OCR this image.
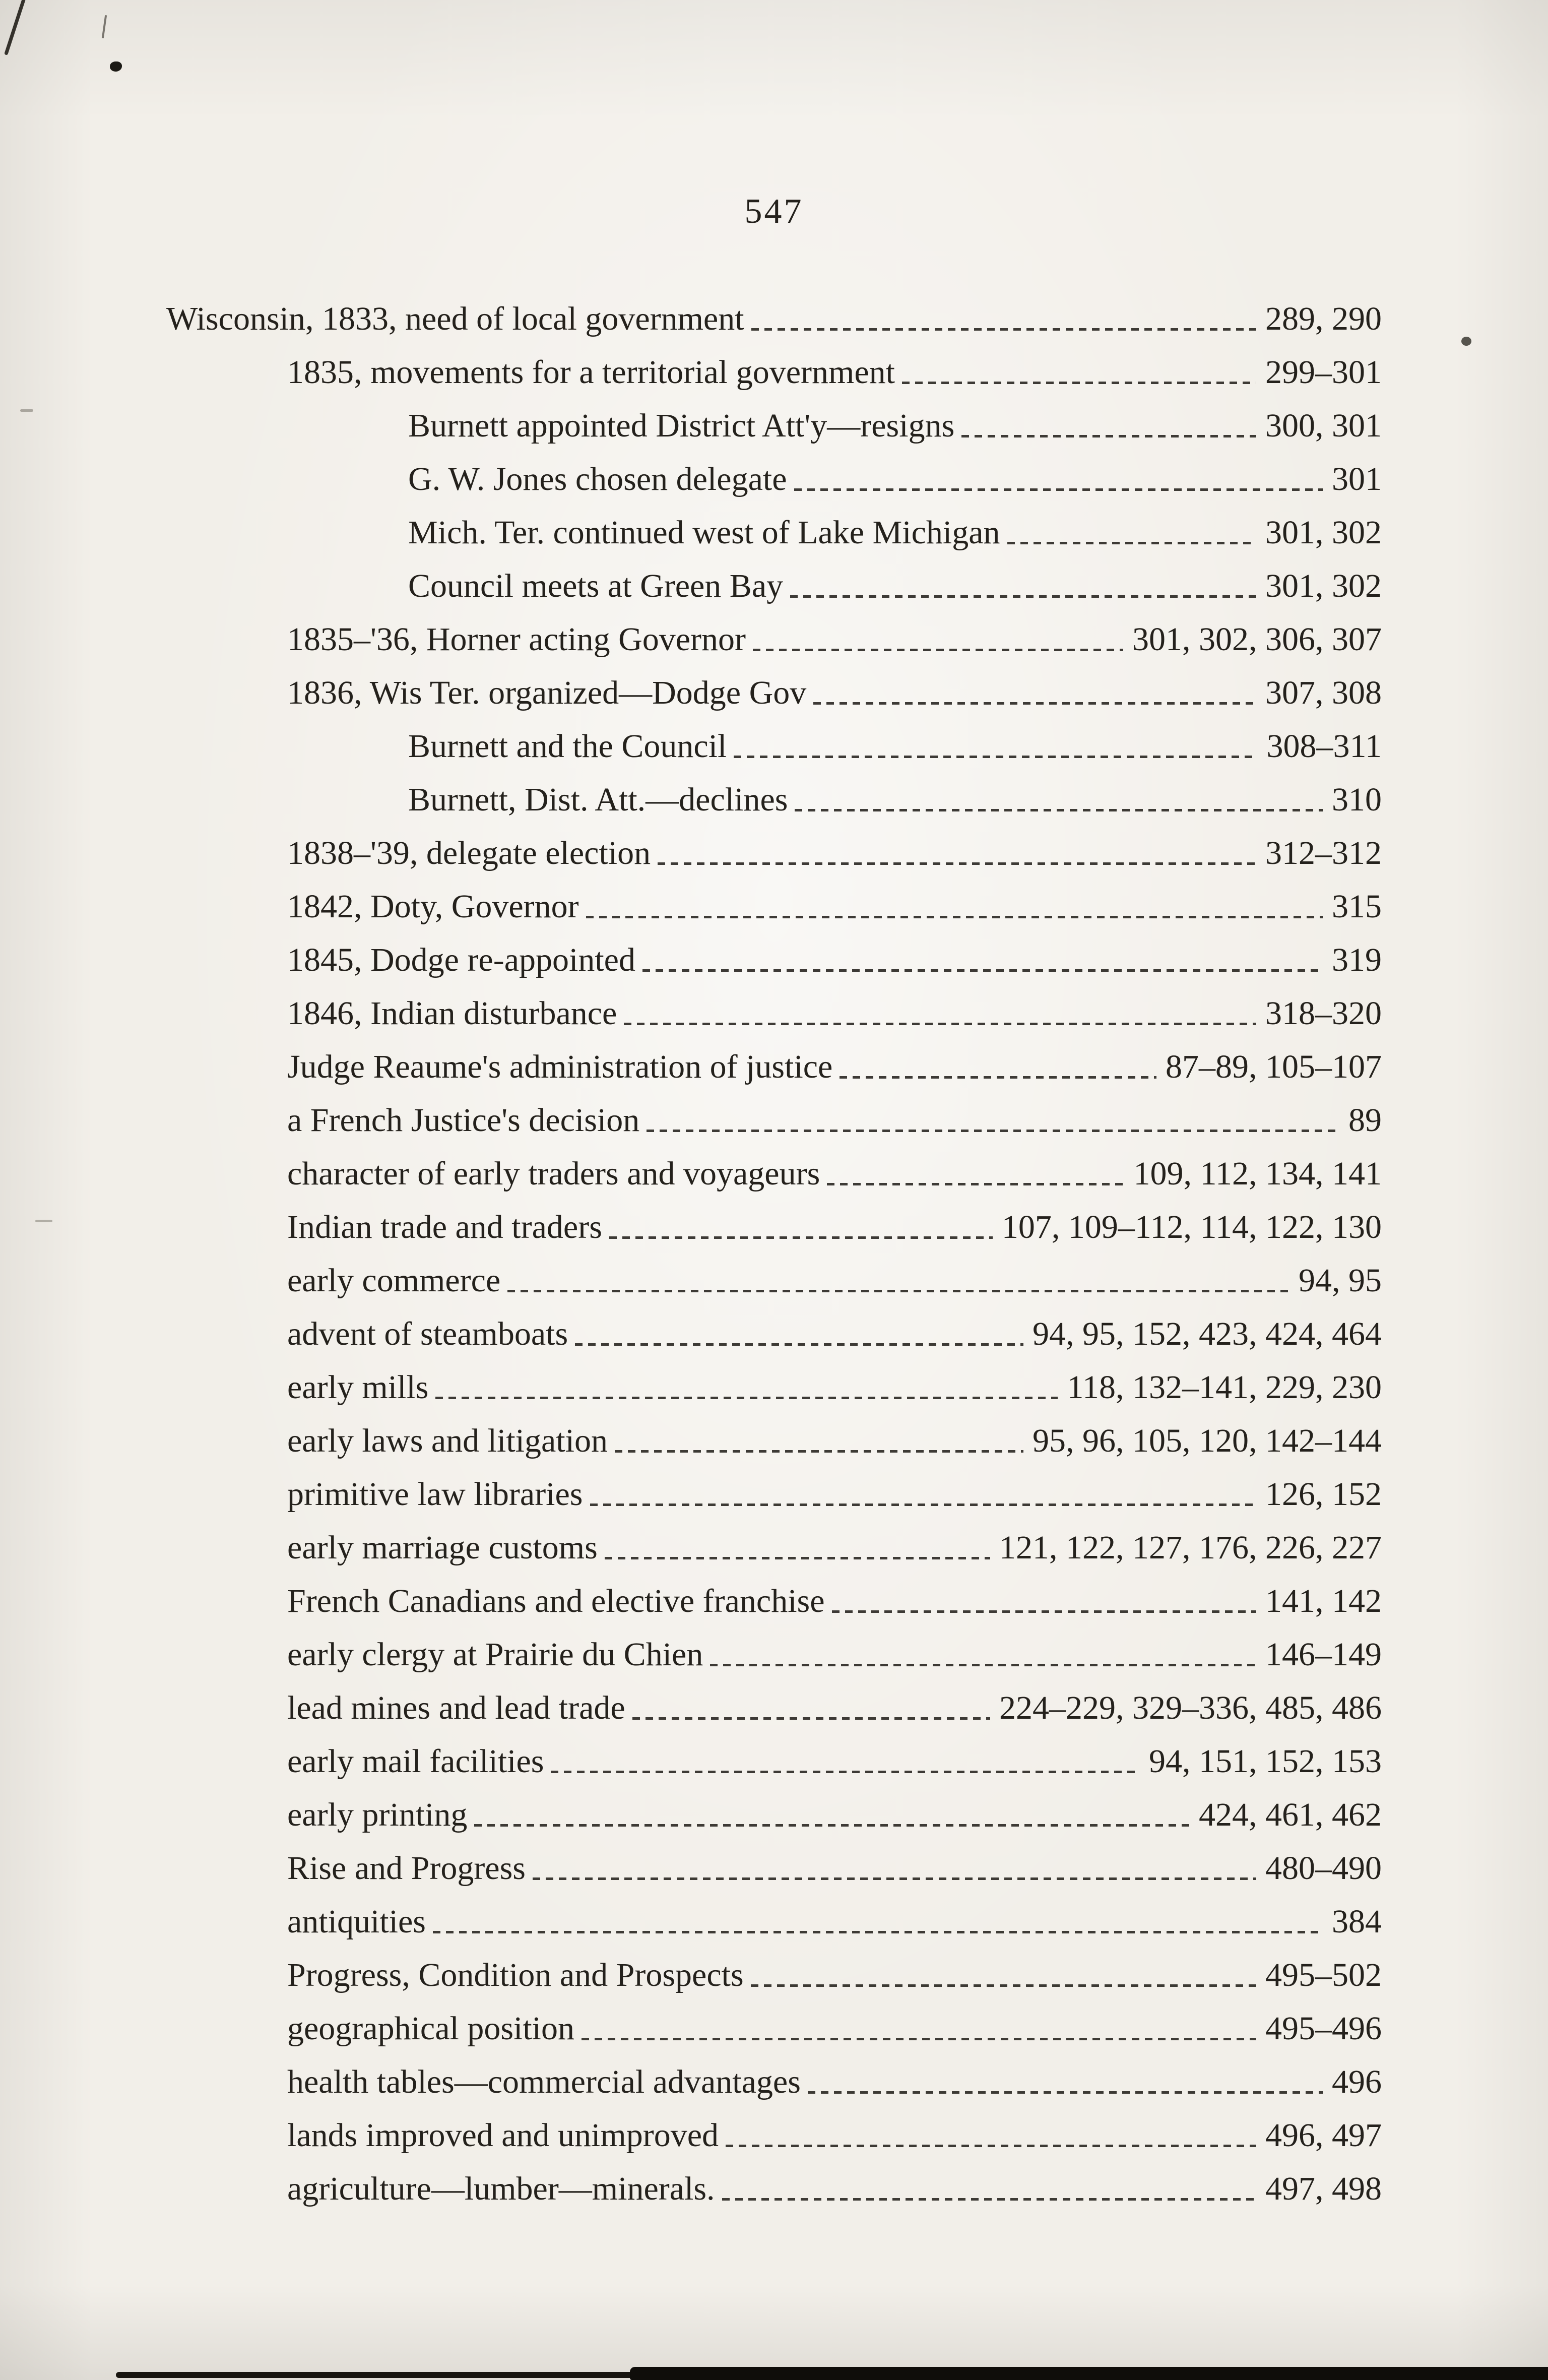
547
Wisconsin, 1833, need of local government	289, 290
1835, movements for a territorial government	299–301
Burnett appointed District Att'y—resigns	300, 301
G. W. Jones chosen delegate	301
Mich. Ter. continued west of Lake Michigan	301, 302
Council meets at Green Bay	301, 302
1835–'36, Horner acting Governor	301, 302, 306, 307
1836, Wis Ter. organized—Dodge Gov	307, 308
Burnett and the Council	308–311
Burnett, Dist. Att.—declines	310
1838–'39, delegate election	312–312
1842, Doty, Governor	315
1845, Dodge re-appointed	319
1846, Indian disturbance	318–320
Judge Reaume's administration of justice	87–89, 105–107
a French Justice's decision	89
character of early traders and voyageurs	109, 112, 134, 141
Indian trade and traders	107, 109–112, 114, 122, 130
early commerce	94, 95
advent of steamboats	94, 95, 152, 423, 424, 464
early mills	118, 132–141, 229, 230
early laws and litigation	95, 96, 105, 120, 142–144
primitive law libraries	126, 152
early marriage customs	121, 122, 127, 176, 226, 227
French Canadians and elective franchise	141, 142
early clergy at Prairie du Chien	146–149
lead mines and lead trade	224–229, 329–336, 485, 486
early mail facilities	94, 151, 152, 153
early printing	424, 461, 462
Rise and Progress	480–490
antiquities	384
Progress, Condition and Prospects	495–502
geographical position	495–496
health tables—commercial advantages	496
lands improved and unimproved	496, 497
agriculture—lumber—minerals.	497, 498
